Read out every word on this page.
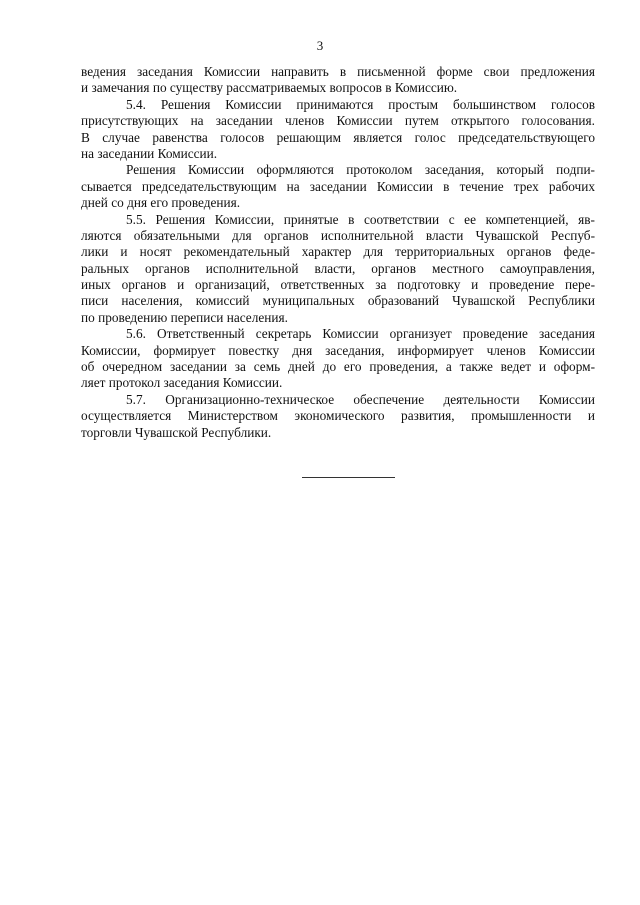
3
ведения заседания Комиссии направить в письменной форме свои предложения
и замечания по существу рассматриваемых вопросов в Комиссию.
5.4. Решения Комиссии принимаются простым большинством голосов
присутствующих на заседании членов Комиссии путем открытого голосования.
В случае равенства голосов решающим является голос председательствующего
на заседании Комиссии.
Решения Комиссии оформляются протоколом заседания, который подпи-
сывается председательствующим на заседании Комиссии в течение трех рабочих
дней со дня его проведения.
5.5. Решения Комиссии, принятые в соответствии с ее компетенцией, яв-
ляются обязательными для органов исполнительной власти Чувашской Респуб-
лики и носят рекомендательный характер для территориальных органов феде-
ральных органов исполнительной власти, органов местного самоуправления,
иных органов и организаций, ответственных за подготовку и проведение пере-
писи населения, комиссий муниципальных образований Чувашской Республики
по проведению переписи населения.
5.6. Ответственный секретарь Комиссии организует проведение заседания
Комиссии, формирует повестку дня заседания, информирует членов Комиссии
об очередном заседании за семь дней до его проведения, а также ведет и оформ-
ляет протокол заседания Комиссии.
5.7. Организационно-техническое обеспечение деятельности Комиссии
осуществляется Министерством экономического развития, промышленности и
торговли Чувашской Республики.
